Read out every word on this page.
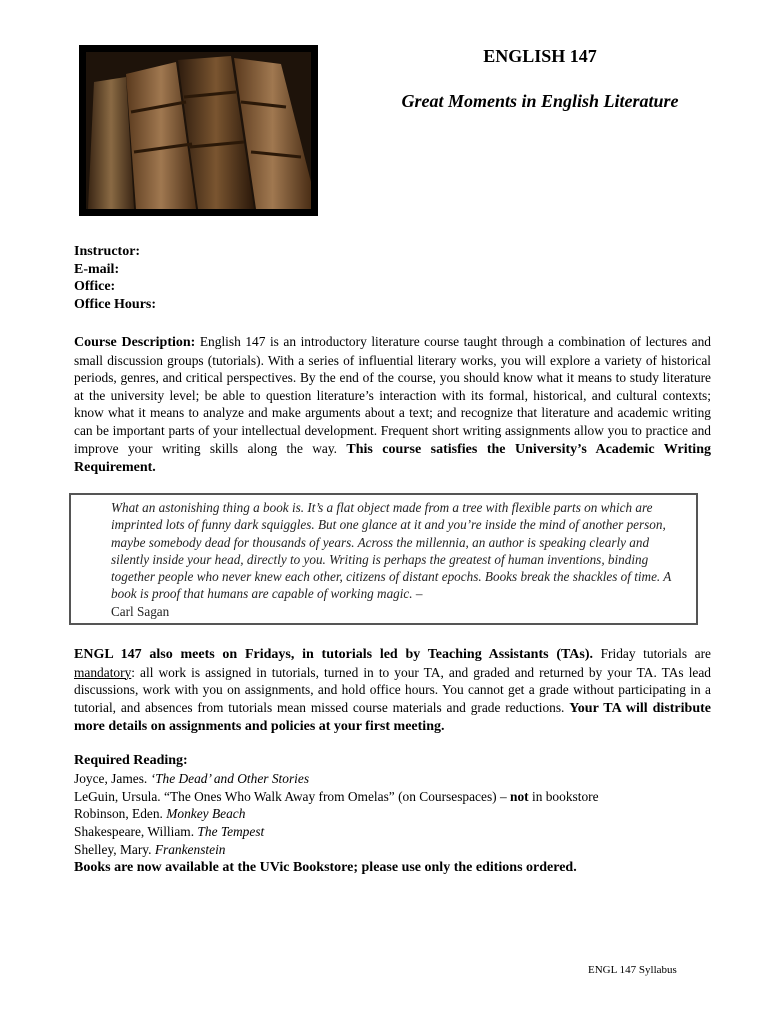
ENGLISH 147
Great Moments in English Literature
Instructor:
E-mail:
Office:
Office Hours:
Course Description: English 147 is an introductory literature course taught through a combination of lectures and small discussion groups (tutorials). With a series of influential literary works, you will explore a variety of historical periods, genres, and critical perspectives. By the end of the course, you should know what it means to study literature at the university level; be able to question literature’s interaction with its formal, historical, and cultural contexts; know what it means to analyze and make arguments about a text; and recognize that literature and academic writing can be important parts of your intellectual development. Frequent short writing assignments allow you to practice and improve your writing skills along the way. This course satisfies the University’s Academic Writing Requirement.
What an astonishing thing a book is. It’s a flat object made from a tree with flexible parts on which are imprinted lots of funny dark squiggles. But one glance at it and you’re inside the mind of another person, maybe somebody dead for thousands of years. Across the millennia, an author is speaking clearly and silently inside your head, directly to you. Writing is perhaps the greatest of human inventions, binding together people who never knew each other, citizens of distant epochs. Books break the shackles of time. A book is proof that humans are capable of working magic. –
Carl Sagan
ENGL 147 also meets on Fridays, in tutorials led by Teaching Assistants (TAs). Friday tutorials are mandatory: all work is assigned in tutorials, turned in to your TA, and graded and returned by your TA. TAs lead discussions, work with you on assignments, and hold office hours. You cannot get a grade without participating in a tutorial, and absences from tutorials mean missed course materials and grade reductions. Your TA will distribute more details on assignments and policies at your first meeting.
Required Reading:
Joyce, James. ‘The Dead’ and Other Stories
LeGuin, Ursula. “The Ones Who Walk Away from Omelas” (on Coursespaces) – not in bookstore
Robinson, Eden. Monkey Beach
Shakespeare, William. The Tempest
Shelley, Mary. Frankenstein
Books are now available at the UVic Bookstore; please use only the editions ordered.
ENGL 147 Syllabus
